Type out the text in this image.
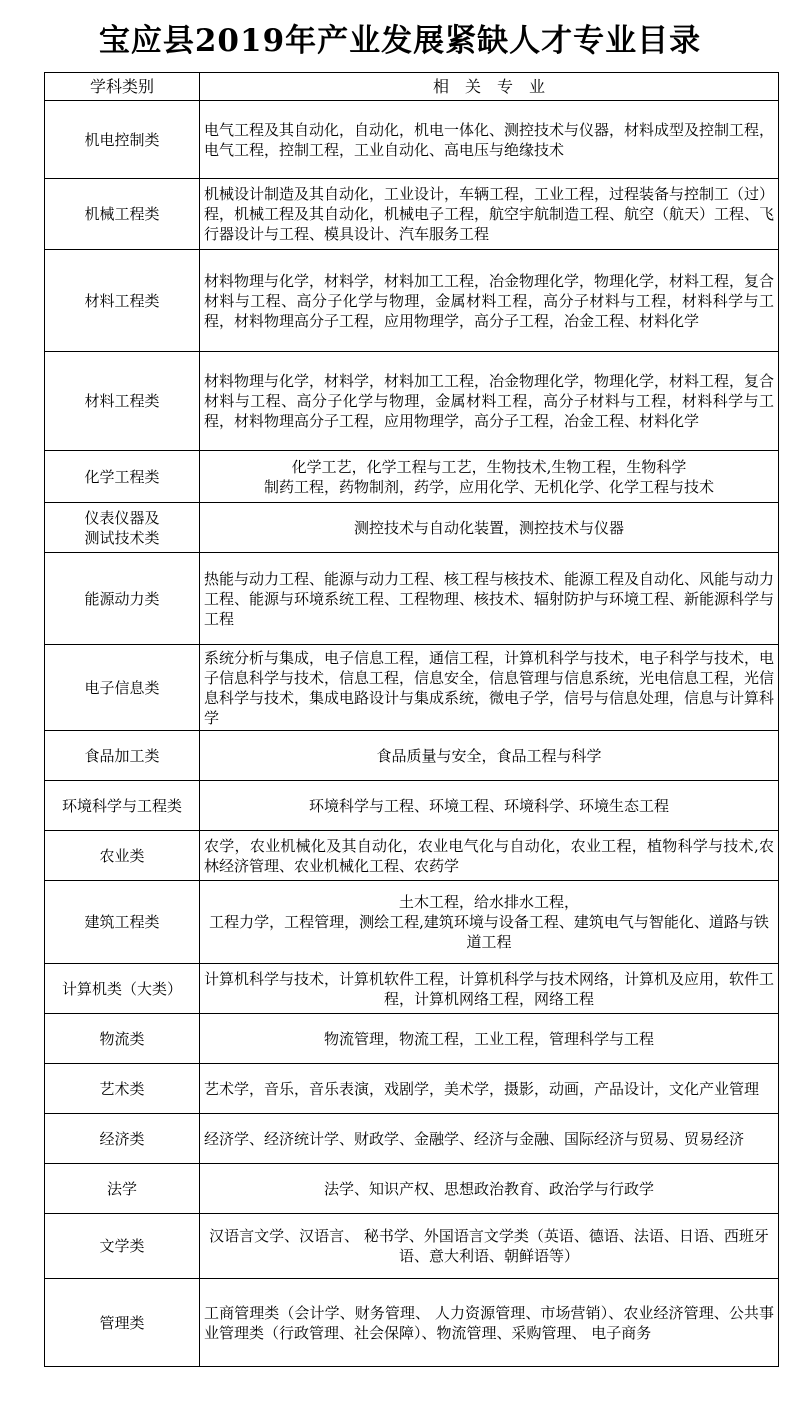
宝应县2019年产业发展紧缺人才专业目录
学科类别	相　关　专　业
机电控制类	电气工程及其自动化，自动化，机电一体化、测控技术与仪器，材料成型及控制工程，电气工程，控制工程，工业自动化、高电压与绝缘技术
机械工程类	机械设计制造及其自动化，工业设计，车辆工程，工业工程，过程装备与控制工（过）程，机械工程及其自动化，机械电子工程，航空宇航制造工程、航空（航天）工程、飞行器设计与工程、模具设计、汽车服务工程
材料工程类	材料物理与化学，材料学，材料加工工程，冶金物理化学，物理化学，材料工程，复合材料与工程、高分子化学与物理，金属材料工程，高分子材料与工程，材料科学与工程，材料物理高分子工程，应用物理学，高分子工程，冶金工程、材料化学
材料工程类	材料物理与化学，材料学，材料加工工程，冶金物理化学，物理化学，材料工程，复合材料与工程、高分子化学与物理，金属材料工程，高分子材料与工程，材料科学与工程，材料物理高分子工程，应用物理学，高分子工程，冶金工程、材料化学
化学工程类	化学工艺，化学工程与工艺，生物技术,生物工程，生物科学
制药工程，药物制剂，药学，应用化学、无机化学、化学工程与技术
仪表仪器及
测试技术类	测控技术与自动化装置，测控技术与仪器
能源动力类	热能与动力工程、能源与动力工程、核工程与核技术、能源工程及自动化、风能与动力工程、能源与环境系统工程、工程物理、核技术、辐射防护与环境工程、新能源科学与工程
电子信息类	系统分析与集成，电子信息工程，通信工程，计算机科学与技术，电子科学与技术，电子信息科学与技术，信息工程，信息安全，信息管理与信息系统，光电信息工程，光信息科学与技术，集成电路设计与集成系统，微电子学，信号与信息处理，信息与计算科学
食品加工类	食品质量与安全，食品工程与科学
环境科学与工程类	环境科学与工程、环境工程、环境科学、环境生态工程
农业类	农学，农业机械化及其自动化，农业电气化与自动化，农业工程，植物科学与技术,农林经济管理、农业机械化工程、农药学
建筑工程类	土木工程，给水排水工程，
工程力学，工程管理，测绘工程,建筑环境与设备工程、建筑电气与智能化、道路与铁道工程
计算机类（大类）	计算机科学与技术，计算机软件工程，计算机科学与技术网络，计算机及应用，软件工程，计算机网络工程，网络工程
物流类	物流管理，物流工程，工业工程，管理科学与工程
艺术类	艺术学，音乐，音乐表演，戏剧学，美术学，摄影，动画，产品设计，文化产业管理
经济类	经济学、经济统计学、财政学、金融学、经济与金融、国际经济与贸易、贸易经济
法学	法学、知识产权、思想政治教育、政治学与行政学
文学类	汉语言文学、汉语言、 秘书学、外国语言文学类（英语、德语、法语、日语、西班牙语、意大利语、朝鲜语等）
管理类	工商管理类（会计学、财务管理、 人力资源管理、市场营销）、农业经济管理、公共事业管理类（行政管理、社会保障）、物流管理、采购管理、 电子商务
